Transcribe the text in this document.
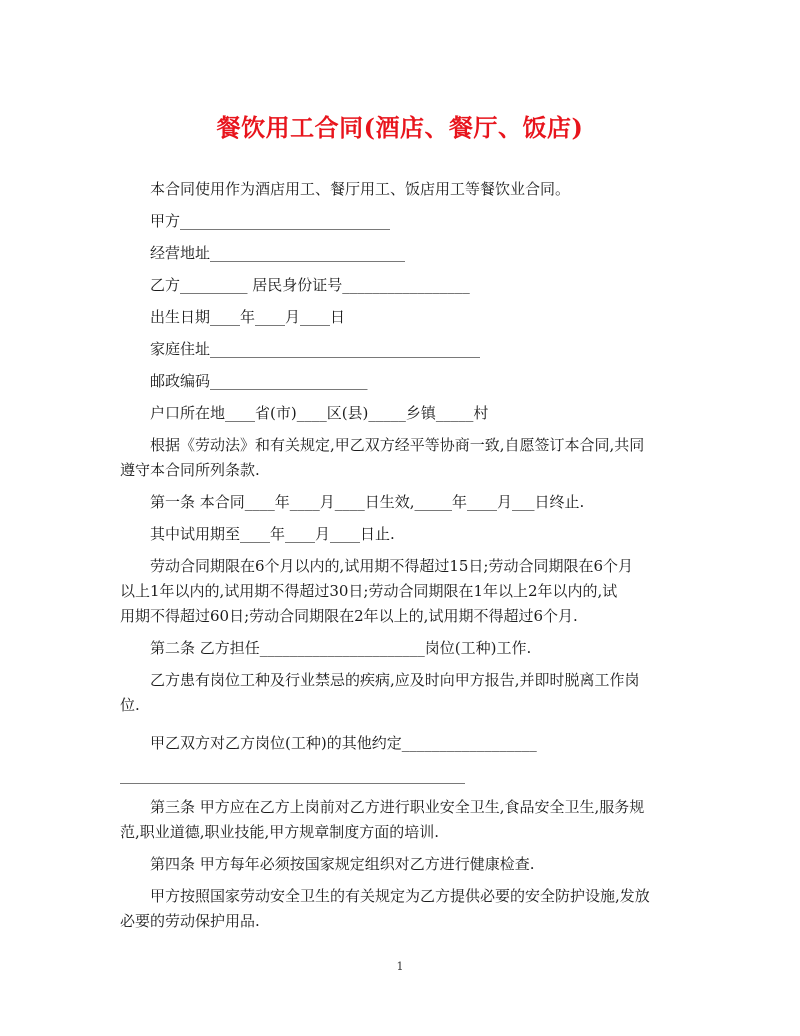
餐饮用工合同(酒店、餐厅、饭店)
本合同使用作为酒店用工、餐厅用工、饭店用工等餐饮业合同。
甲方____________________________
经营地址__________________________
乙方_________ 居民身份证号_________________
出生日期____年____月____日
家庭住址____________________________________
邮政编码_____________________
户口所在地____省(市)____区(县)_____乡镇_____村
根据《劳动法》和有关规定,甲乙双方经平等协商一致,自愿签订本合同,共同
遵守本合同所列条款.
第一条 本合同____年____月____日生效,_____年____月___日终止.
其中试用期至____年____月____日止.
劳动合同期限在6个月以内的,试用期不得超过15日;劳动合同期限在6个月
以上1年以内的,试用期不得超过30日;劳动合同期限在1年以上2年以内的,试
用期不得超过60日;劳动合同期限在2年以上的,试用期不得超过6个月.
第二条 乙方担任______________________岗位(工种)工作.
乙方患有岗位工种及行业禁忌的疾病,应及时向甲方报告,并即时脱离工作岗
位.
甲乙双方对乙方岗位(工种)的其他约定__________________
______________________________________________
第三条 甲方应在乙方上岗前对乙方进行职业安全卫生,食品安全卫生,服务规
范,职业道德,职业技能,甲方规章制度方面的培训.
第四条 甲方每年必须按国家规定组织对乙方进行健康检查.
甲方按照国家劳动安全卫生的有关规定为乙方提供必要的安全防护设施,发放
必要的劳动保护用品.
1
